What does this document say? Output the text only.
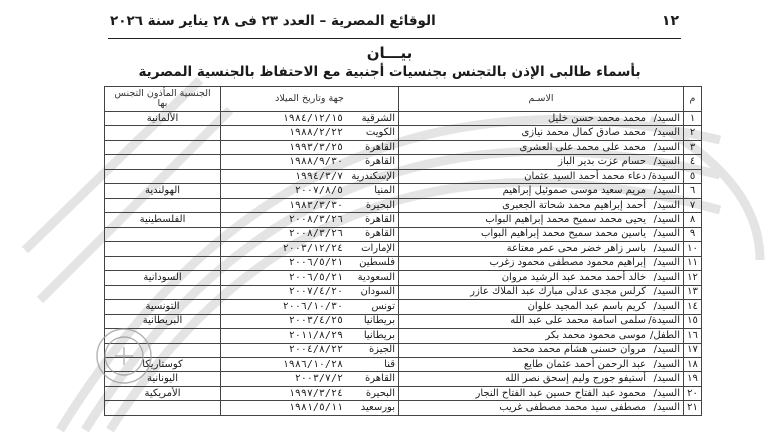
١٢
الوقائع المصرية – العدد ٢٣ فى ٢٨ يناير سنة ٢٠٢٦
بيـــان
بأسماء طالبى الإذن بالتجنس بجنسيات أجنبية مع الاحتفاظ بالجنسية المصرية
م	الاسـم	جهة وتاريخ الميلاد	الجنسية المأذون التجنس بها
١	السيد/محمد محمد حسن خليل	الشرقية١٩٨٤/١٢/١٥	الألمانية
٢	السيد/محمد صادق كمال محمد نيازى	الكويت١٩٨٨/٢/٢٢	
٣	السيد/محمد على محمد على العشرى	القاهرة١٩٩٣/٣/٢٥	
٤	السيد/حسام عزت بدير الباز	القاهرة١٩٨٨/٩/٣٠	
٥	السيدة/دعاء محمد أحمد السيد عثمان	الإسكندرية١٩٩٤/٣/٧	
٦	السيد/مريم سعيد موسى صموئيل إبراهيم	المنيا٢٠٠٧/٨/٥	الهولندية
٧	السيد/أحمد إبراهيم محمد شحاتة الجعبرى	البحيرة١٩٨٣/٣/٣٠	
٨	السيد/يحيى محمد سميح محمد إبراهيم البواب	القاهرة٢٠٠٨/٣/٢٦	الفلسطينية
٩	السيد/ياسين محمد سميح محمد إبراهيم البواب	القاهرة٢٠٠٨/٣/٢٦	
١٠	السيد/باسر زاهر خضر محى عمر معتاعة	الإمارات٢٠٠٣/١٢/٢٤	
١١	السيد/إبراهيم محمود مصطفى محمود زغرب	فلسطين٢٠٠٦/٥/٢١	
١٢	السيد/خالد أحمد محمد عبد الرشيد مروان	السعودية٢٠٠٦/٥/٢١	السودانية
١٣	السيد/كرلس مجدى عدلى مبارك عبد الملاك عازر	السودان٢٠٠٧/٤/٢٠	
١٤	السيد/كريم باسم عبد المجيد علوان	تونس٢٠٠٦/١٠/٣٠	التونسية
١٥	السيدة/سلمى أسامة محمد على عبد الله	بريطانيا٢٠٠٣/٤/٢٥	البريطانية
١٦	الطفل/موسى محمود محمد بكر	بريطانيا٢٠١١/٨/٢٩	
١٧	السيد/مروان حسنى هشام محمد محمد	الجيزة٢٠٠٤/٨/٢٢	
١٨	السيد/عبد الرحمن أحمد عثمان طايع	قنا١٩٨٦/١٠/٢٨	كوستاريكا
١٩	السيد/أستيفو جورج وليم إسحق نصر الله	القاهرة٢٠٠٣/٧/٢	اليونانية
٢٠	السيد/محمود عبد الفتاح حسين عبد الفتاح النجار	البحيرة١٩٩٧/٣/٢٤	الأمريكية
٢١	السيد/مصطفى سيد محمد مصطفى غريب	بورسعيد١٩٨١/٥/١١	
